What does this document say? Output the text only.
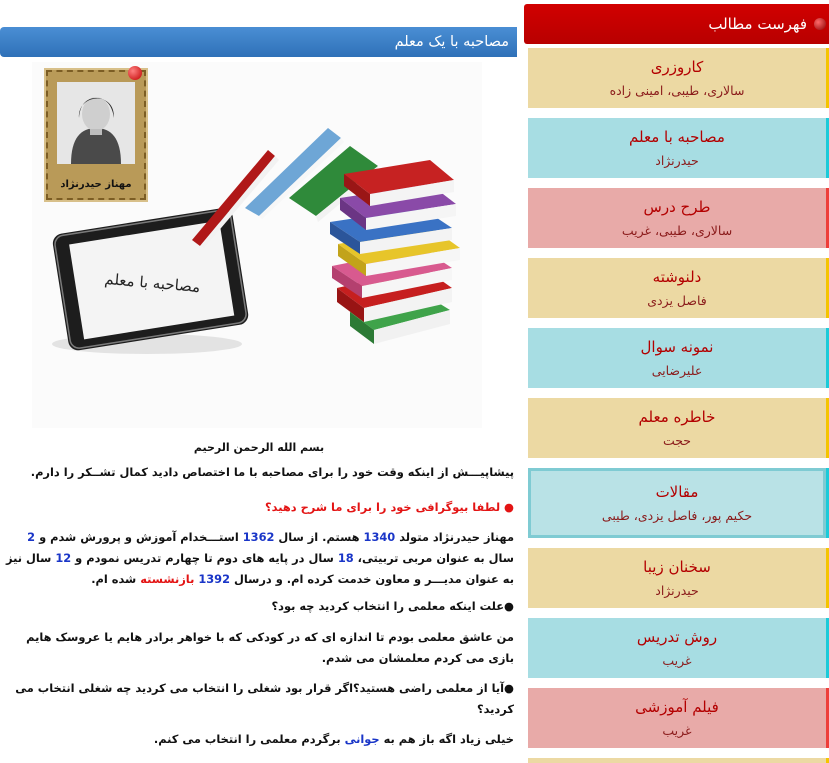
مصاحبه با یک معلم
مهناز حیدرنژاد
مصاحبه با معلم
بسم الله الرحمن الرحیم
پیشاپیـــش از اینکه وقت خود را برای مصاحبه با ما اختصاص دادید کمال تشــکر را دارم.
● لطفا بیوگرافی خود را برای ما شرح دهید؟
مهناز حیدرنژاد متولد 1340 هستم. از سال 1362 استـــخدام آموزش و پرورش شدم و 2 سال به عنوان مربی تربیتی، 18 سال در پایه های دوم تا چهارم تدریس نمودم و 12 سال نیز به عنوان مدیـــر و معاون خدمت کرده ام. و درسال 1392 بازنشسته شده ام.
●علت اینکه معلمی را انتخاب کردید چه بود؟
من عاشق معلمی بودم تا اندازه ای که در کودکی که با خواهر برادر هایم یا عروسک هایم بازی می کردم معلمشان می شدم.
●آیا از معلمی راضی هستید؟اگر قرار بود شغلی را انتخاب می کردید چه شغلی انتخاب می کردید؟
خیلی زیاد اگه باز هم به جوانی برگردم معلمی را انتخاب می کنم.
فهرست مطالب
کاروزری
سالاری، طیبی، امینی زاده
مصاحبه با معلم
حیدرنژاد
طرح درس
سالاری، طیبی، غریب
دلنوشته
فاصل یزدی
نمونه سوال
علیرضایی
خاطره معلم
حجت
مقالات
حکیم پور، فاصل یزدی، طیبی
سخنان زیبا
حیدرنژاد
روش تدریس
غریب
فیلم آموزشی
غریب
